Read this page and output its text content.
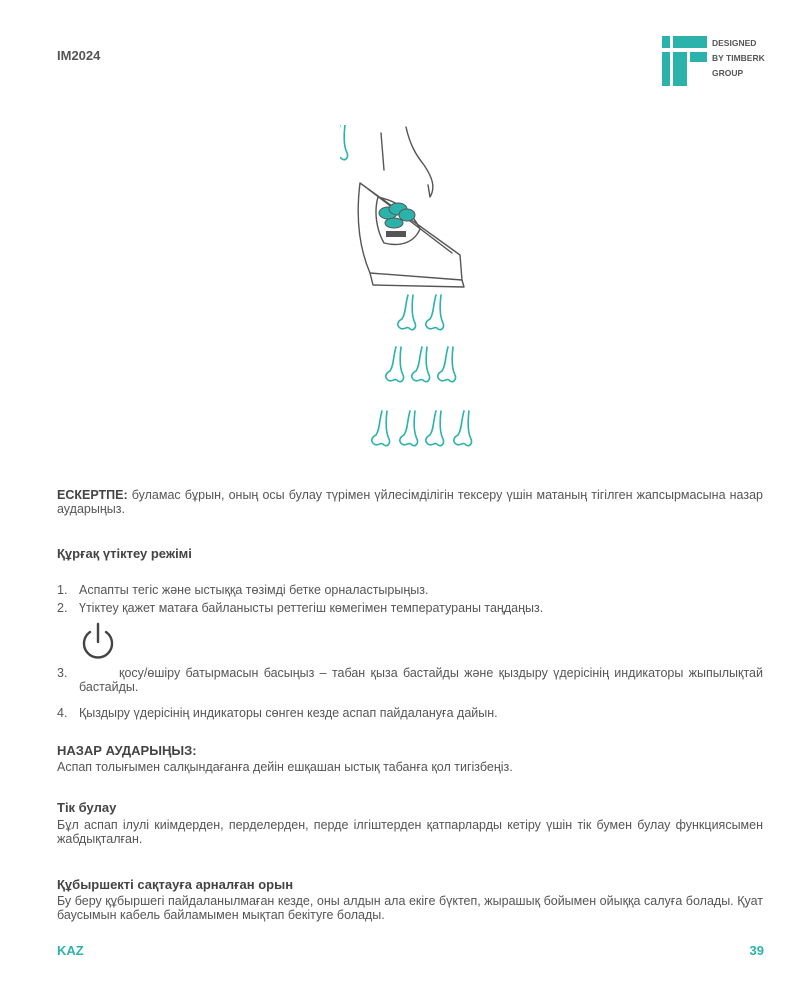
IM2024
DESIGNED
BY TIMBERK
GROUP
ЕСКЕРТПЕ: буламас бұрын, оның осы булау түрімен үйлесімділігін тексеру үшін матаның тігілген жапсырмасына назар аударыңыз.
Құрғақ үтіктеу режімі
1. Аспапты тегіс және ыстыққа төзімді бетке орналастырыңыз.
2. Үтіктеу қажет матаға байланысты реттегіш көмегімен температураны таңдаңыз.
3.	қосу/өшіру батырмасын басыңыз – табан қыза бастайды және қыздыру үдерісінің индикаторы жыпылықтай бастайды.
4. Қыздыру үдерісінің индикаторы сөнген кезде аспап пайдалануға дайын.
НАЗАР АУДАРЫҢЫЗ:
Аспап толығымен салқындағанға дейін ешқашан ыстық табанға қол тигізбеңіз.
Тік булау
Бұл аспап ілулі киімдерден, перделерден, перде ілгіштерден қатпарларды кетіру үшін тік бумен булау функциясымен жабдықталған.
Құбыршекті сақтауға арналған орын
Бу беру құбыршегі пайдаланылмаған кезде, оны алдын ала екіге бүктеп, жырашық бойымен ойыққа салуға болады. Қуат баусымын кабель байламымен мықтап бекітуге болады.
KAZ	39
